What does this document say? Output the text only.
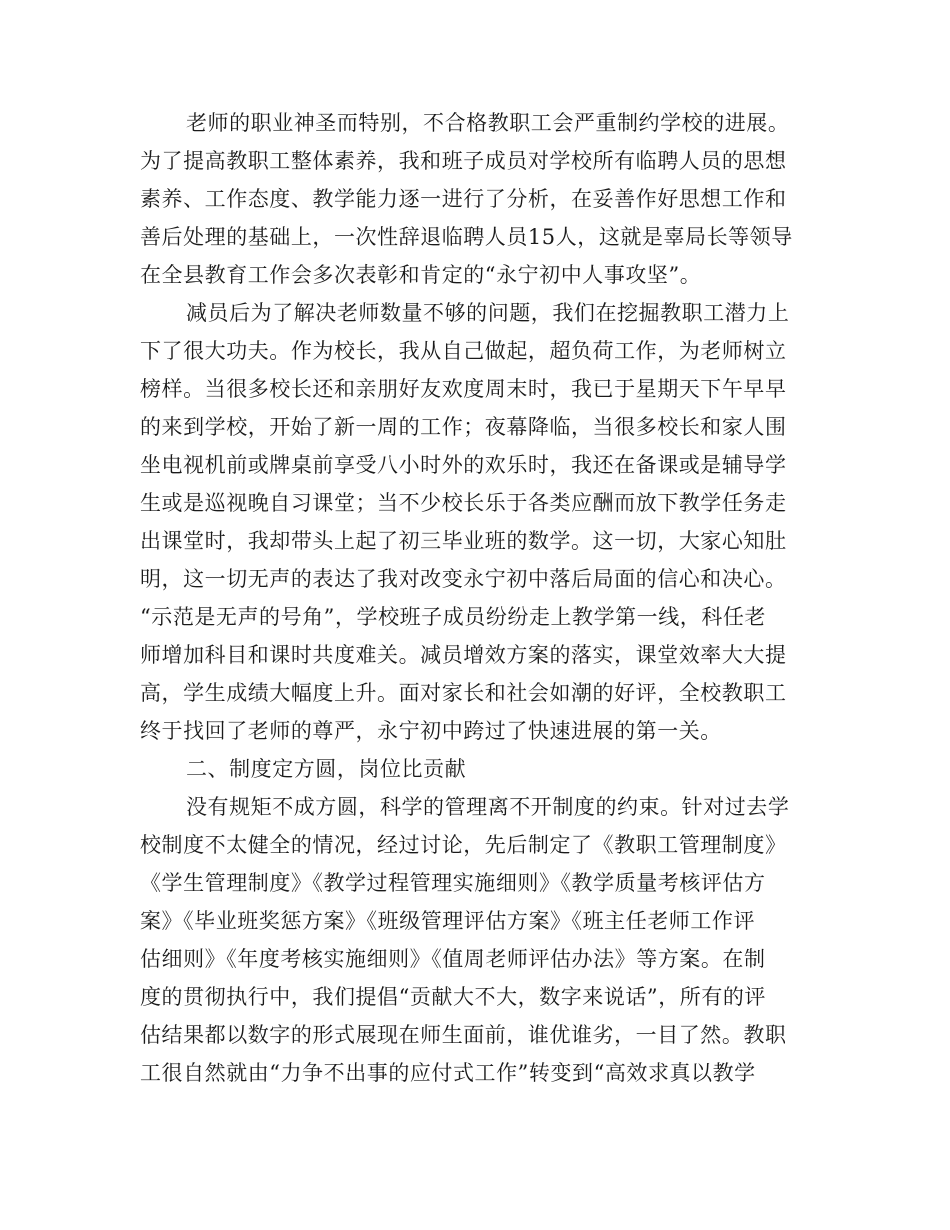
老师的职业神圣而特别，不合格教职工会严重制约学校的进展。
为了提高教职工整体素养，我和班子成员对学校所有临聘人员的思想
素养、工作态度、教学能力逐一进行了分析，在妥善作好思想工作和
善后处理的基础上，一次性辞退临聘人员15人，这就是辜局长等领导
在全县教育工作会多次表彰和肯定的“永宁初中人事攻坚”。
减员后为了解决老师数量不够的问题，我们在挖掘教职工潜力上
下了很大功夫。作为校长，我从自己做起，超负荷工作，为老师树立
榜样。当很多校长还和亲朋好友欢度周末时，我已于星期天下午早早
的来到学校，开始了新一周的工作；夜幕降临，当很多校长和家人围
坐电视机前或牌桌前享受八小时外的欢乐时，我还在备课或是辅导学
生或是巡视晚自习课堂；当不少校长乐于各类应酬而放下教学任务走
出课堂时，我却带头上起了初三毕业班的数学。这一切，大家心知肚
明，这一切无声的表达了我对改变永宁初中落后局面的信心和决心。
“示范是无声的号角”，学校班子成员纷纷走上教学第一线，科任老
师增加科目和课时共度难关。减员增效方案的落实，课堂效率大大提
高，学生成绩大幅度上升。面对家长和社会如潮的好评，全校教职工
终于找回了老师的尊严，永宁初中跨过了快速进展的第一关。
二、制度定方圆，岗位比贡献
没有规矩不成方圆，科学的管理离不开制度的约束。针对过去学
校制度不太健全的情况，经过讨论，先后制定了《教职工管理制度》
《学生管理制度》《教学过程管理实施细则》《教学质量考核评估方
案》《毕业班奖惩方案》《班级管理评估方案》《班主任老师工作评
估细则》《年度考核实施细则》《值周老师评估办法》等方案。在制
度的贯彻执行中，我们提倡“贡献大不大，数字来说话”，所有的评
估结果都以数字的形式展现在师生面前，谁优谁劣，一目了然。教职
工很自然就由“力争不出事的应付式工作”转变到“高效求真以教学
